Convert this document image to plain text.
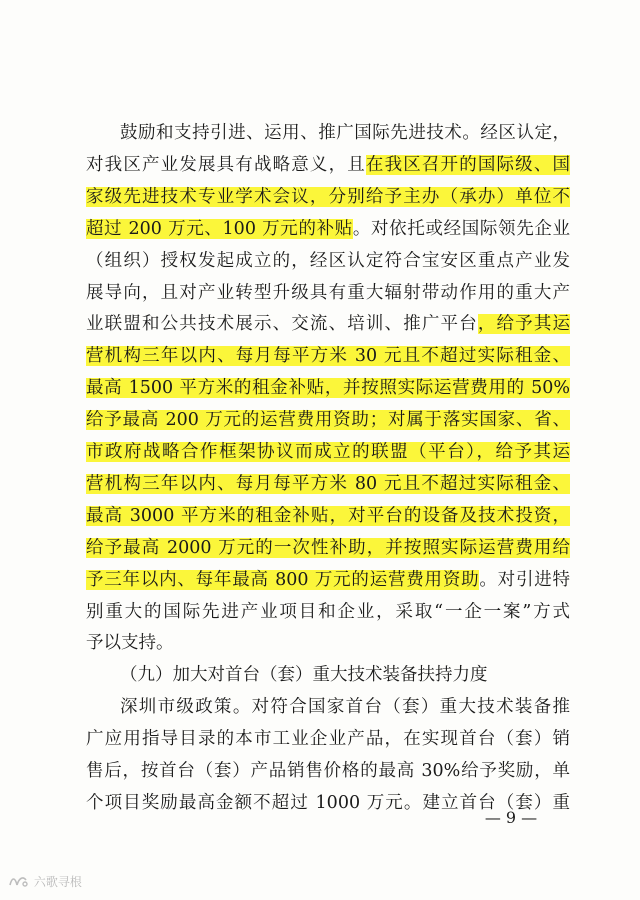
鼓励和支持引进、运用、推广国际先进技术。经区认定，
对我区产业发展具有战略意义，且在我区召开的国际级、国
家级先进技术专业学术会议，分别给予主办（承办）单位不
超过 200 万元、100 万元的补贴。对依托或经国际领先企业
（组织）授权发起成立的，经区认定符合宝安区重点产业发
展导向，且对产业转型升级具有重大辐射带动作用的重大产
业联盟和公共技术展示、交流、培训、推广平台，给予其运
营机构三年以内、每月每平方米 30 元且不超过实际租金、
最高 1500 平方米的租金补贴，并按照实际运营费用的 50%
给予最高 200 万元的运营费用资助；对属于落实国家、省、
市政府战略合作框架协议而成立的联盟（平台），给予其运
营机构三年以内、每月每平方米 80 元且不超过实际租金、
最高 3000 平方米的租金补贴，对平台的设备及技术投资，
给予最高 2000 万元的一次性补助，并按照实际运营费用给
予三年以内、每年最高 800 万元的运营费用资助。对引进特
别重大的国际先进产业项目和企业，采取“一企一案”方式
予以支持。
（九）加大对首台（套）重大技术装备扶持力度
深圳市级政策。对符合国家首台（套）重大技术装备推
广应用指导目录的本市工业企业产品，在实现首台（套）销
售后，按首台（套）产品销售价格的最高 30%给予奖励，单
个项目奖励最高金额不超过 1000 万元。建立首台（套）重
— 9 —
六歌寻根
